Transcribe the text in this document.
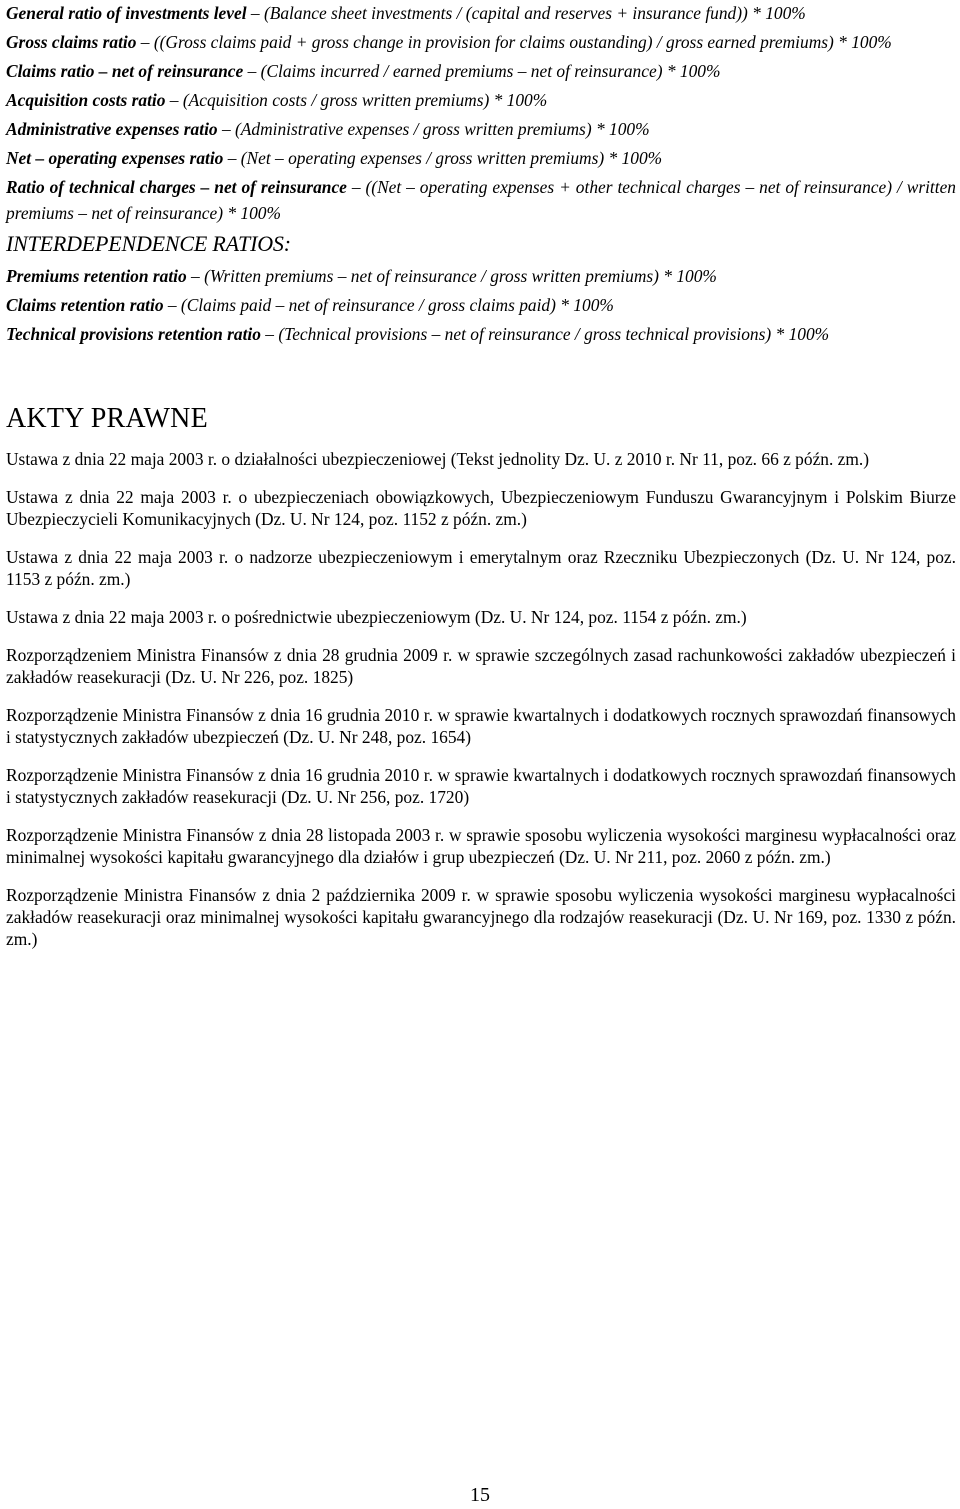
General ratio of investments level – (Balance sheet investments / (capital and reserves + insurance fund)) * 100%

Gross claims ratio – ((Gross claims paid + gross change in provision for claims oustanding) / gross earned premiums) * 100%

Claims ratio – net of reinsurance – (Claims incurred / earned premiums – net of reinsurance) * 100%

Acquisition costs ratio – (Acquisition costs / gross written premiums) * 100%

Administrative expenses ratio – (Administrative expenses / gross written premiums) * 100%

Net – operating expenses ratio – (Net – operating expenses / gross written premiums) * 100%

Ratio of technical charges – net of reinsurance – ((Net – operating expenses + other technical charges – net of reinsurance) / written premiums – net of reinsurance) * 100%

INTERDEPENDENCE RATIOS:

Premiums retention ratio – (Written premiums – net of reinsurance / gross written premiums) * 100%

Claims retention ratio – (Claims paid – net of reinsurance / gross claims paid) * 100%

Technical provisions retention ratio – (Technical provisions – net of reinsurance / gross technical provisions) * 100%

AKTY PRAWNE

Ustawa z dnia 22 maja 2003 r. o działalności ubezpieczeniowej (Tekst jednolity Dz. U. z 2010 r. Nr 11, poz. 66 z późn. zm.)

Ustawa z dnia 22 maja 2003 r. o ubezpieczeniach obowiązkowych, Ubezpieczeniowym Funduszu Gwarancyjnym i Polskim Biurze Ubezpieczycieli Komunikacyjnych (Dz. U. Nr 124, poz. 1152 z późn. zm.)

Ustawa z dnia 22 maja 2003 r. o nadzorze ubezpieczeniowym i emerytalnym oraz Rzeczniku Ubezpieczonych (Dz. U. Nr 124, poz. 1153 z późn. zm.)

Ustawa z dnia 22 maja 2003 r. o pośrednictwie ubezpieczeniowym (Dz. U. Nr 124, poz. 1154 z późn. zm.)

Rozporządzeniem Ministra Finansów z dnia 28 grudnia 2009 r. w sprawie szczególnych zasad rachunkowości zakładów ubezpieczeń i zakładów reasekuracji (Dz. U. Nr 226, poz. 1825)

Rozporządzenie Ministra Finansów z dnia 16 grudnia 2010 r. w sprawie kwartalnych i dodatkowych rocznych sprawozdań finansowych i statystycznych zakładów ubezpieczeń (Dz. U. Nr 248, poz. 1654)

Rozporządzenie Ministra Finansów z dnia 16 grudnia 2010 r. w sprawie kwartalnych i dodatkowych rocznych sprawozdań finansowych i statystycznych zakładów reasekuracji (Dz. U. Nr 256, poz. 1720)

Rozporządzenie Ministra Finansów z dnia 28 listopada 2003 r. w sprawie sposobu wyliczenia wysokości marginesu wypłacalności oraz minimalnej wysokości kapitału gwarancyjnego dla działów i grup ubezpieczeń (Dz. U. Nr 211, poz. 2060 z późn. zm.)

Rozporządzenie Ministra Finansów z dnia 2 października 2009 r. w sprawie sposobu wyliczenia wysokości marginesu wypłacalności zakładów reasekuracji oraz minimalnej wysokości kapitału gwarancyjnego dla rodzajów reasekuracji (Dz. U. Nr 169, poz. 1330 z późn. zm.)

15
